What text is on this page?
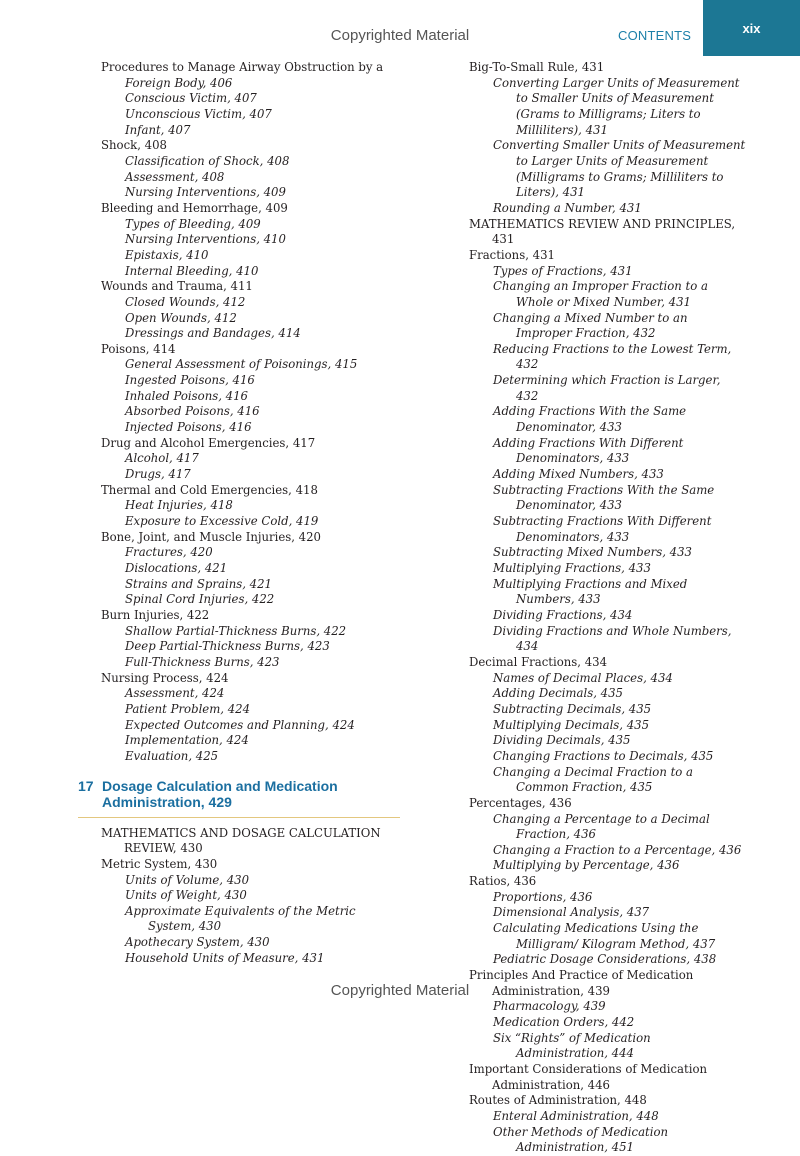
Copyrighted Material	CONTENTS	xix
Procedures to Manage Airway Obstruction by a
Foreign Body, 406
Conscious Victim, 407
Unconscious Victim, 407
Infant, 407
Shock, 408
Classification of Shock, 408
Assessment, 408
Nursing Interventions, 409
Bleeding and Hemorrhage, 409
Types of Bleeding, 409
Nursing Interventions, 410
Epistaxis, 410
Internal Bleeding, 410
Wounds and Trauma, 411
Closed Wounds, 412
Open Wounds, 412
Dressings and Bandages, 414
Poisons, 414
General Assessment of Poisonings, 415
Ingested Poisons, 416
Inhaled Poisons, 416
Absorbed Poisons, 416
Injected Poisons, 416
Drug and Alcohol Emergencies, 417
Alcohol, 417
Drugs, 417
Thermal and Cold Emergencies, 418
Heat Injuries, 418
Exposure to Excessive Cold, 419
Bone, Joint, and Muscle Injuries, 420
Fractures, 420
Dislocations, 421
Strains and Sprains, 421
Spinal Cord Injuries, 422
Burn Injuries, 422
Shallow Partial-Thickness Burns, 422
Deep Partial-Thickness Burns, 423
Full-Thickness Burns, 423
Nursing Process, 424
Assessment, 424
Patient Problem, 424
Expected Outcomes and Planning, 424
Implementation, 424
Evaluation, 425
17 Dosage Calculation and Medication
Administration, 429
MATHEMATICS AND DOSAGE CALCULATION REVIEW, 430
Metric System, 430
Units of Volume, 430
Units of Weight, 430
Approximate Equivalents of the Metric System, 430
Apothecary System, 430
Household Units of Measure, 431
Big-To-Small Rule, 431
Converting Larger Units of Measurement to Smaller Units of Measurement (Grams to Milligrams; Liters to Milliliters), 431
Converting Smaller Units of Measurement to Larger Units of Measurement (Milligrams to Grams; Milliliters to Liters), 431
Rounding a Number, 431
MATHEMATICS REVIEW AND PRINCIPLES, 431
Fractions, 431
Types of Fractions, 431
Changing an Improper Fraction to a Whole or Mixed Number, 431
Changing a Mixed Number to an Improper Fraction, 432
Reducing Fractions to the Lowest Term, 432
Determining which Fraction is Larger, 432
Adding Fractions With the Same Denominator, 433
Adding Fractions With Different Denominators, 433
Adding Mixed Numbers, 433
Subtracting Fractions With the Same Denominator, 433
Subtracting Fractions With Different Denominators, 433
Subtracting Mixed Numbers, 433
Multiplying Fractions, 433
Multiplying Fractions and Mixed Numbers, 433
Dividing Fractions, 434
Dividing Fractions and Whole Numbers, 434
Decimal Fractions, 434
Names of Decimal Places, 434
Adding Decimals, 435
Subtracting Decimals, 435
Multiplying Decimals, 435
Dividing Decimals, 435
Changing Fractions to Decimals, 435
Changing a Decimal Fraction to a Common Fraction, 435
Percentages, 436
Changing a Percentage to a Decimal Fraction, 436
Changing a Fraction to a Percentage, 436
Multiplying by Percentage, 436
Ratios, 436
Proportions, 436
Dimensional Analysis, 437
Calculating Medications Using the Milligram/ Kilogram Method, 437
Pediatric Dosage Considerations, 438
Principles And Practice of Medication Administration, 439
Pharmacology, 439
Medication Orders, 442
Six “Rights” of Medication Administration, 444
Important Considerations of Medication Administration, 446
Routes of Administration, 448
Enteral Administration, 448
Other Methods of Medication Administration, 451
Copyrighted Material
